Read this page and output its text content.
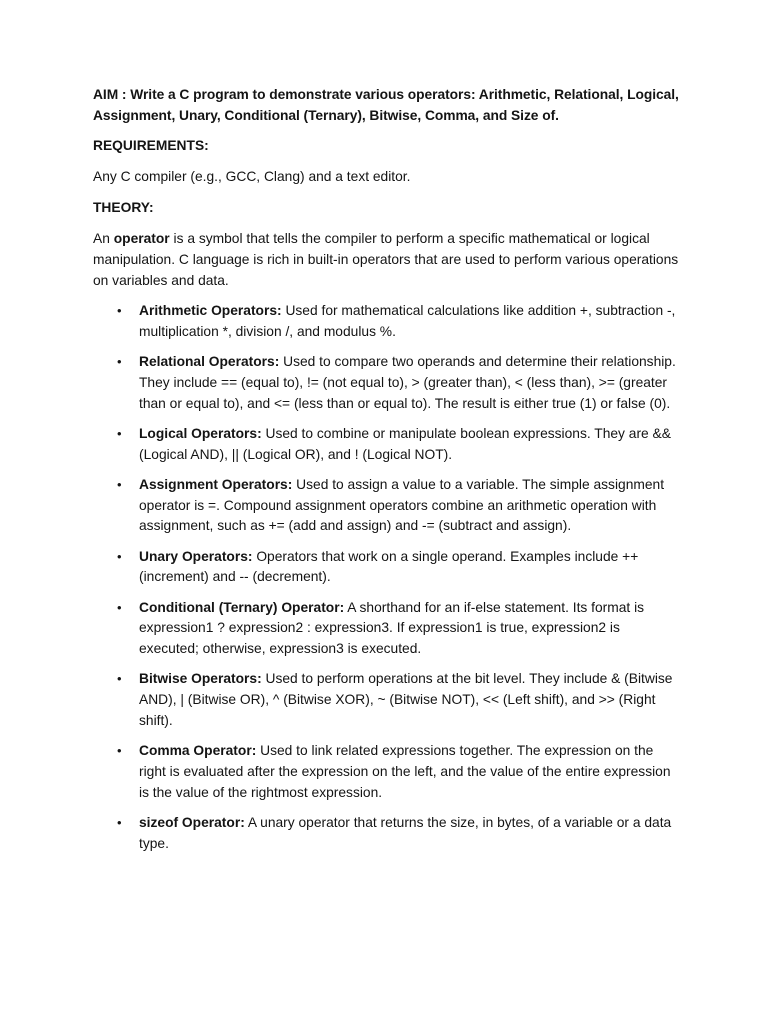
AIM : Write a C program to demonstrate various operators: Arithmetic, Relational, Logical, Assignment, Unary, Conditional (Ternary), Bitwise, Comma, and Size of.

REQUIREMENTS:

Any C compiler (e.g., GCC, Clang) and a text editor.

THEORY:

An operator is a symbol that tells the compiler to perform a specific mathematical or logical manipulation. C language is rich in built-in operators that are used to perform various operations on variables and data.

• Arithmetic Operators: Used for mathematical calculations like addition +, subtraction -, multiplication *, division /, and modulus %.
• Relational Operators: Used to compare two operands and determine their relationship. They include == (equal to), != (not equal to), > (greater than), < (less than), >= (greater than or equal to), and <= (less than or equal to). The result is either true (1) or false (0).
• Logical Operators: Used to combine or manipulate boolean expressions. They are && (Logical AND), || (Logical OR), and ! (Logical NOT).
• Assignment Operators: Used to assign a value to a variable. The simple assignment operator is =. Compound assignment operators combine an arithmetic operation with assignment, such as += (add and assign) and -= (subtract and assign).
• Unary Operators: Operators that work on a single operand. Examples include ++ (increment) and -- (decrement).
• Conditional (Ternary) Operator: A shorthand for an if-else statement. Its format is expression1 ? expression2 : expression3. If expression1 is true, expression2 is executed; otherwise, expression3 is executed.
• Bitwise Operators: Used to perform operations at the bit level. They include & (Bitwise AND), | (Bitwise OR), ^ (Bitwise XOR), ~ (Bitwise NOT), << (Left shift), and >> (Right shift).
• Comma Operator: Used to link related expressions together. The expression on the right is evaluated after the expression on the left, and the value of the entire expression is the value of the rightmost expression.
• sizeof Operator: A unary operator that returns the size, in bytes, of a variable or a data type.
